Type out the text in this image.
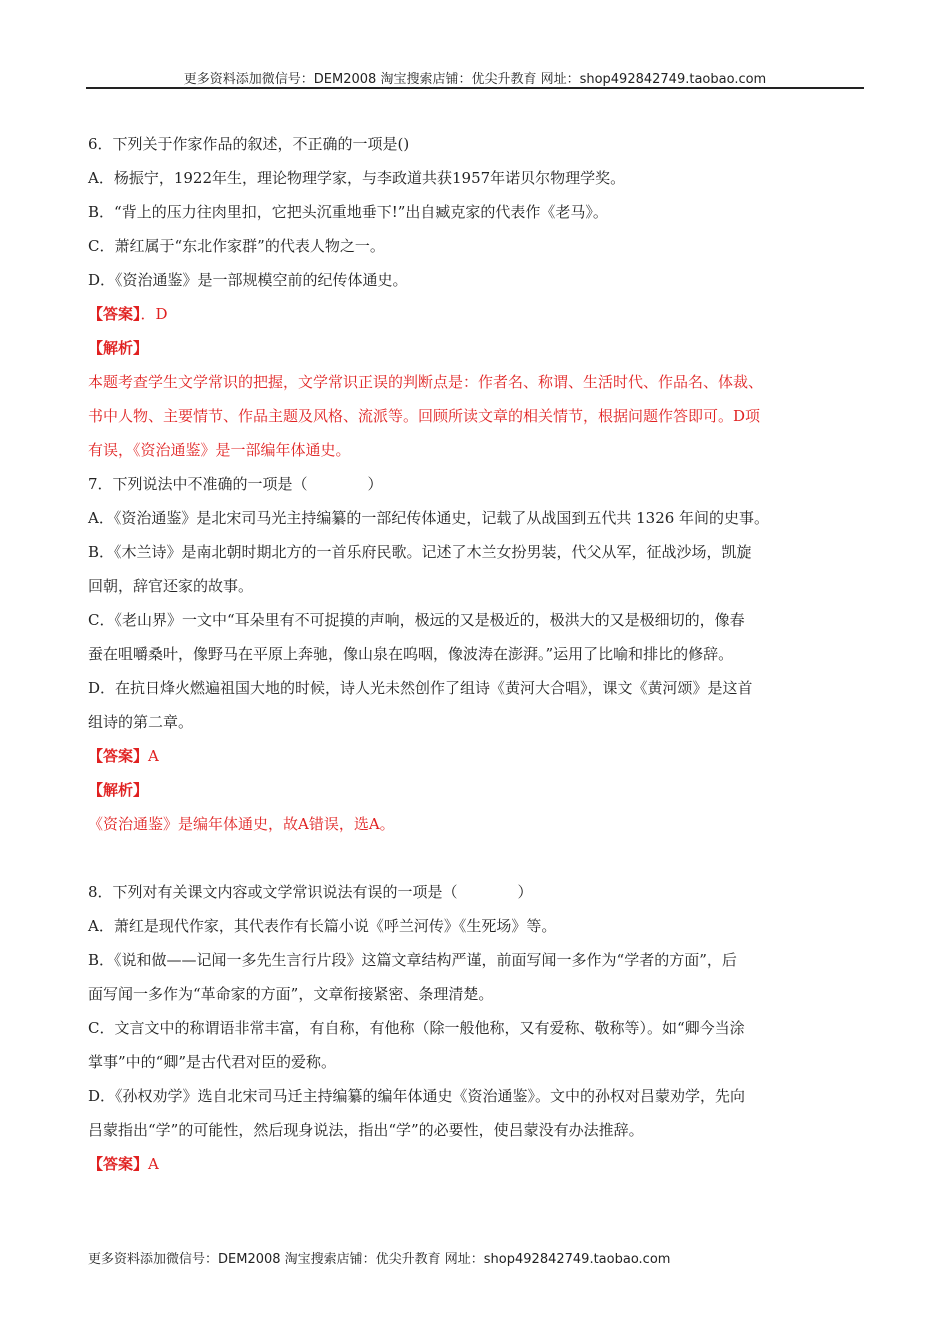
更多资料添加微信号：DEM2008 淘宝搜索店铺：优尖升教育 网址：shop492842749.taobao.com
6．下列关于作家作品的叙述，不正确的一项是()
A．杨振宁，1922年生，理论物理学家，与李政道共获1957年诺贝尔物理学奖。
B．“背上的压力往肉里扣，它把头沉重地垂下!”出自臧克家的代表作《老马》。
C．萧红属于“东北作家群”的代表人物之一。
D．《资治通鉴》是一部规模空前的纪传体通史。
【答案】．D
【解析】
本题考查学生文学常识的把握，文学常识正误的判断点是：作者名、称谓、生活时代、作品名、体裁、
书中人物、主要情节、作品主题及风格、流派等。回顾所读文章的相关情节，根据问题作答即可。D项
有误，《资治通鉴》是一部编年体通史。
7．下列说法中不准确的一项是（　　　　）
A．《资治通鉴》是北宋司马光主持编纂的一部纪传体通史，记载了从战国到五代共 1326 年间的史事。
B．《木兰诗》是南北朝时期北方的一首乐府民歌。记述了木兰女扮男装，代父从军，征战沙场，凯旋
回朝，辞官还家的故事。
C．《老山界》一文中“耳朵里有不可捉摸的声响，极远的又是极近的，极洪大的又是极细切的，像春
蚕在咀嚼桑叶，像野马在平原上奔驰，像山泉在呜咽，像波涛在澎湃。”运用了比喻和排比的修辞。
D．在抗日烽火燃遍祖国大地的时候，诗人光未然创作了组诗《黄河大合唱》，课文《黄河颂》是这首
组诗的第二章。
【答案】A
【解析】
《资治通鉴》是编年体通史，故A错误，选A。
8．下列对有关课文内容或文学常识说法有误的一项是（　　　　）
A．萧红是现代作家，其代表作有长篇小说《呼兰河传》《生死场》等。
B．《说和做——记闻一多先生言行片段》这篇文章结构严谨，前面写闻一多作为“学者的方面”，后
面写闻一多作为“革命家的方面”，文章衔接紧密、条理清楚。
C．文言文中的称谓语非常丰富，有自称，有他称（除一般他称，又有爱称、敬称等）。如“卿今当涂
掌事”中的“卿”是古代君对臣的爱称。
D．《孙权劝学》选自北宋司马迁主持编纂的编年体通史《资治通鉴》。文中的孙权对吕蒙劝学，先向
吕蒙指出“学”的可能性，然后现身说法，指出“学”的必要性，使吕蒙没有办法推辞。
【答案】A
更多资料添加微信号：DEM2008 淘宝搜索店铺：优尖升教育 网址：shop492842749.taobao.com
